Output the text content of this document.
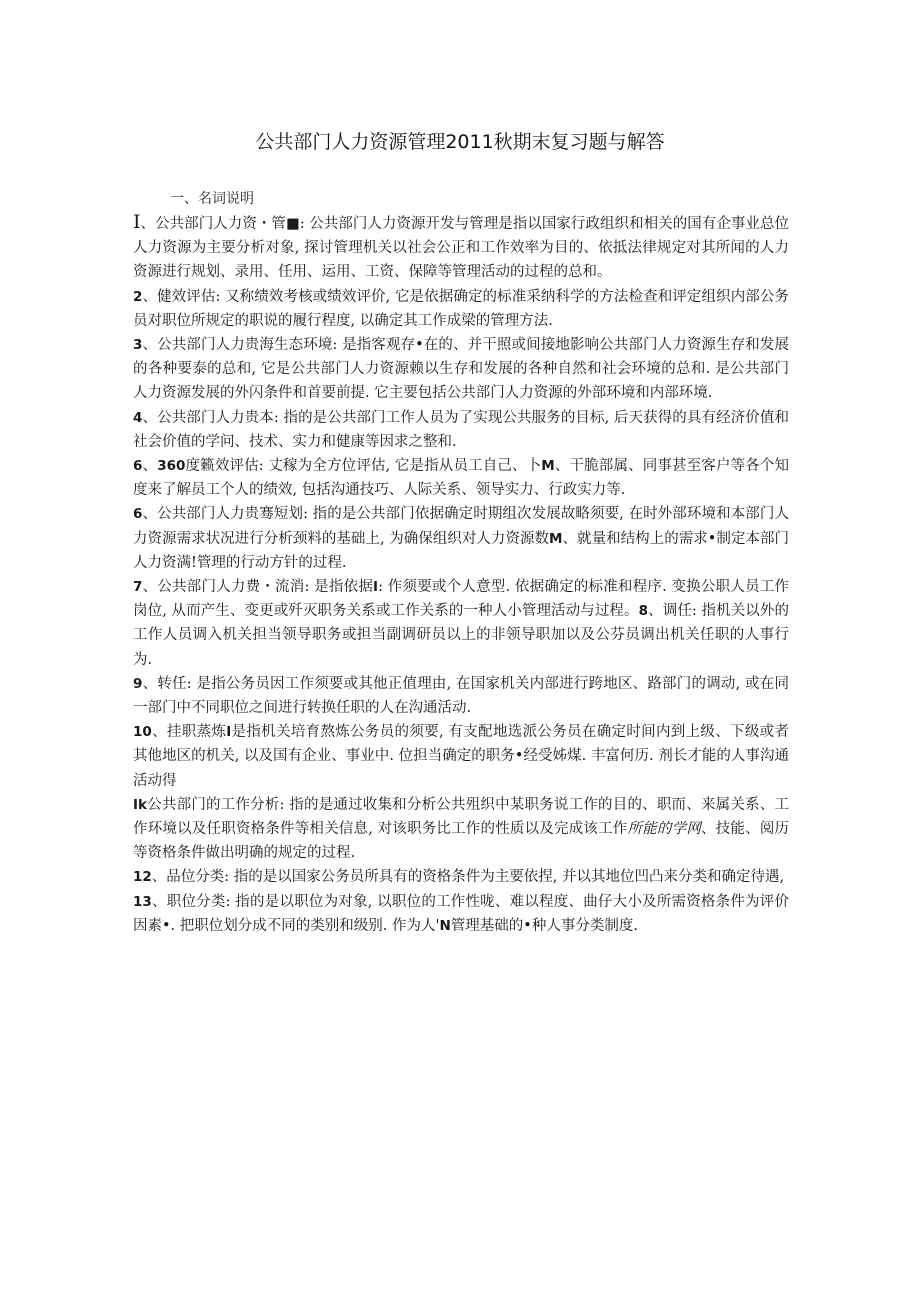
公共部门人力资源管理2011秋期末复习题与解答
一、名词说明

I、公共部门人力资・管■: 公共部门人力资源开发与管理是指以国家行政组织和相关的国有企事业总位人力资源为主要分析对象, 探讨管理机关以社会公正和工作效率为目的、依抵法律规定对其所闻的人力资源进行规划、录用、任用、运用、工资、保障等管理活动的过程的总和。

2、健效评估: 又称绩效考核或绩效评价, 它是依据确定的标准采纳科学的方法检查和评定组织内部公务员对职位所规定的职说的履行程度, 以确定其工作成梁的管理方法.

3、公共部门人力贵海生态环境: 是指客观存•在的、并干照或间接地影响公共部门人力资源生存和发展的各种要泰的总和, 它是公共部门人力资源赖以生存和发展的各种自然和社会环境的总和. 是公共部门人力资源发展的外闪条件和首要前提. 它主要包括公共部门人力资源的外部环境和内部环境.

4、公共部门人力贵本: 指的是公共部门工作人员为了实现公共服务的目标, 后天获得的具有经济价值和社会价值的学问、技术、实力和健康等因求之整和.

6、360度籁效评估: 丈稼为全方位评估, 它是指从员工自己、卜M、干脆部属、同事甚至客户等各个知度来了解员工个人的绩效, 包括沟通技巧、人际关系、领导实力、行政实力等.

6、公共部门人力贵骞短划: 指的是公共部门依据确定时期组次发展故略须要, 在时外部环境和本部门人力资源需求状况进行分析颈料的基础上, 为确保组织对人力资源数M、就量和结构上的需求•制定本部门人力资满!管理的行动方针的过程.

7、公共部门人力费・流消: 是指依据I: 作须要或个人意型. 依据确定的标准和程序. 变换公职人员工作岗位, 从而产生、变更或歼灭职务关系或工作关系的一种人小管理活动与过程。8、调任: 指机关以外的工作人员调入机关担当领导职务或担当副调研员以上的非领导职加以及公芬员调出机关任职的人事行为.

9、转任: 是指公务员因工作须要或其他正值理由, 在国家机关内部进行跨地区、路部门的调动, 或在同一部门中不同职位之间进行转换任职的人在沟通活动.

10、挂职蒸炼I是指机关培育熬炼公务员的须要, 有支配地选派公务员在确定时间内到上级、下级或者其他地区的机关, 以及国有企业、事业中. 位担当确定的职务•经受姊煤. 丰富何历. 剂长才能的人事沟通活动得

Ik公共部门的工作分析: 指的是通过收集和分析公共殂织中某职务说工作的目的、职而、来属关系、工作环境以及任职资格条件等相关信息, 对该职务比工作的性质以及完成该工作所能的学网、技能、阅历等资格条件做出明确的规定的过程.

12、品位分类: 指的是以国家公务员所具有的资格条件为主要依捏, 并以其地位凹凸来分类和确定待遇,

13、职位分类: 指的是以职位为对象, 以职位的工作性咙、难以程度、曲仔大小及所需资格条件为评价因素•. 把职位划分成不同的类别和级别. 作为人'N管理基础的•种人事分类制度.
